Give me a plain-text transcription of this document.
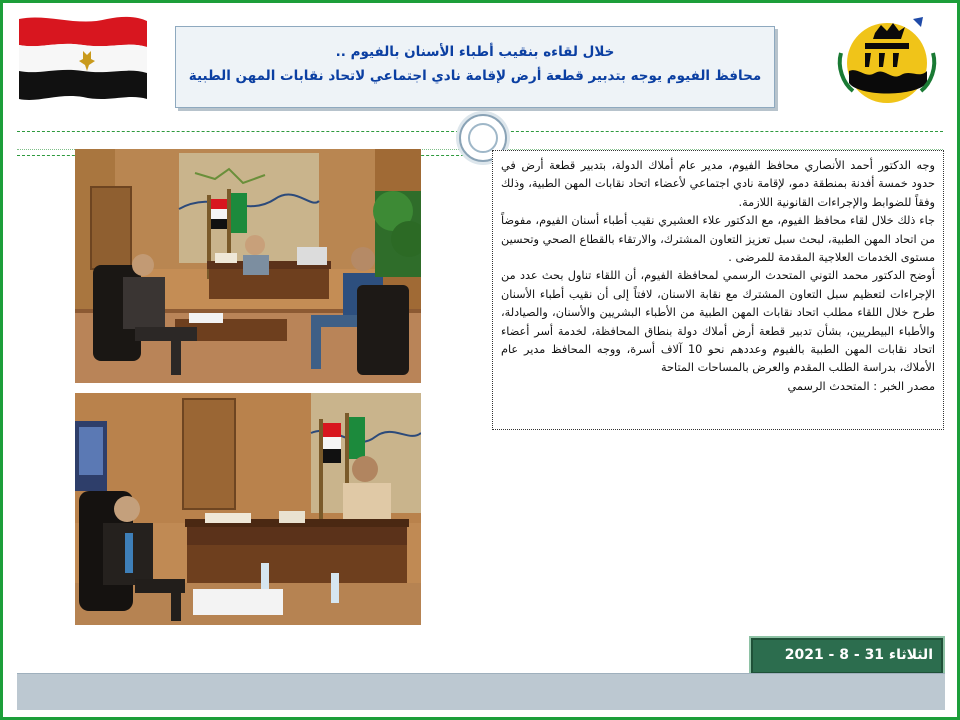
خلال لقاءه بنقيب أطباء الأسنان بالفيوم ..
محافظ الفيوم يوجه بتدبير قطعة أرض لإقامة نادي اجتماعي لاتحاد نقابات المهن الطبية

وجه الدكتور أحمد الأنصاري محافظ الفيوم، مدير عام أملاك الدولة، بتدبير قطعة أرض في حدود خمسة أفدنة بمنطقة دمو، لإقامة نادي اجتماعي لأعضاء اتحاد نقابات المهن الطبية، وذلك وفقاً للضوابط والإجراءات القانونية اللازمة.

جاء ذلك خلال لقاء محافظ الفيوم، مع الدكتور علاء العشيري نقيب أطباء أسنان الفيوم، مفوضاً من اتحاد المهن الطبية، لبحث سبل تعزيز التعاون المشترك، والارتقاء بالقطاع الصحي وتحسين مستوى الخدمات العلاجية المقدمة للمرضى .

أوضح الدكتور محمد التوني المتحدث الرسمي لمحافظة الفيوم، أن اللقاء تناول بحث عدد من الإجراءات لتعظيم سبل التعاون المشترك مع نقابة الاسنان، لافتاً إلى أن نقيب أطباء الأسنان طرح خلال اللقاء مطلب اتحاد نقابات المهن الطبية من الأطباء البشريين والأسنان، والصيادلة، والأطباء البيطريين، بشأن تدبير قطعة أرض أملاك دولة بنطاق المحافظة، لخدمة أسر أعضاء اتحاد نقابات المهن الطبية بالفيوم وعددهم نحو 10 آلاف أسرة، ووجه المحافظ مدير عام الأملاك، بدراسة الطلب المقدم والعرض بالمساحات المتاحة

مصدر الخبر : المتحدث الرسمي

الثلاثاء 31 - 8 - 2021
